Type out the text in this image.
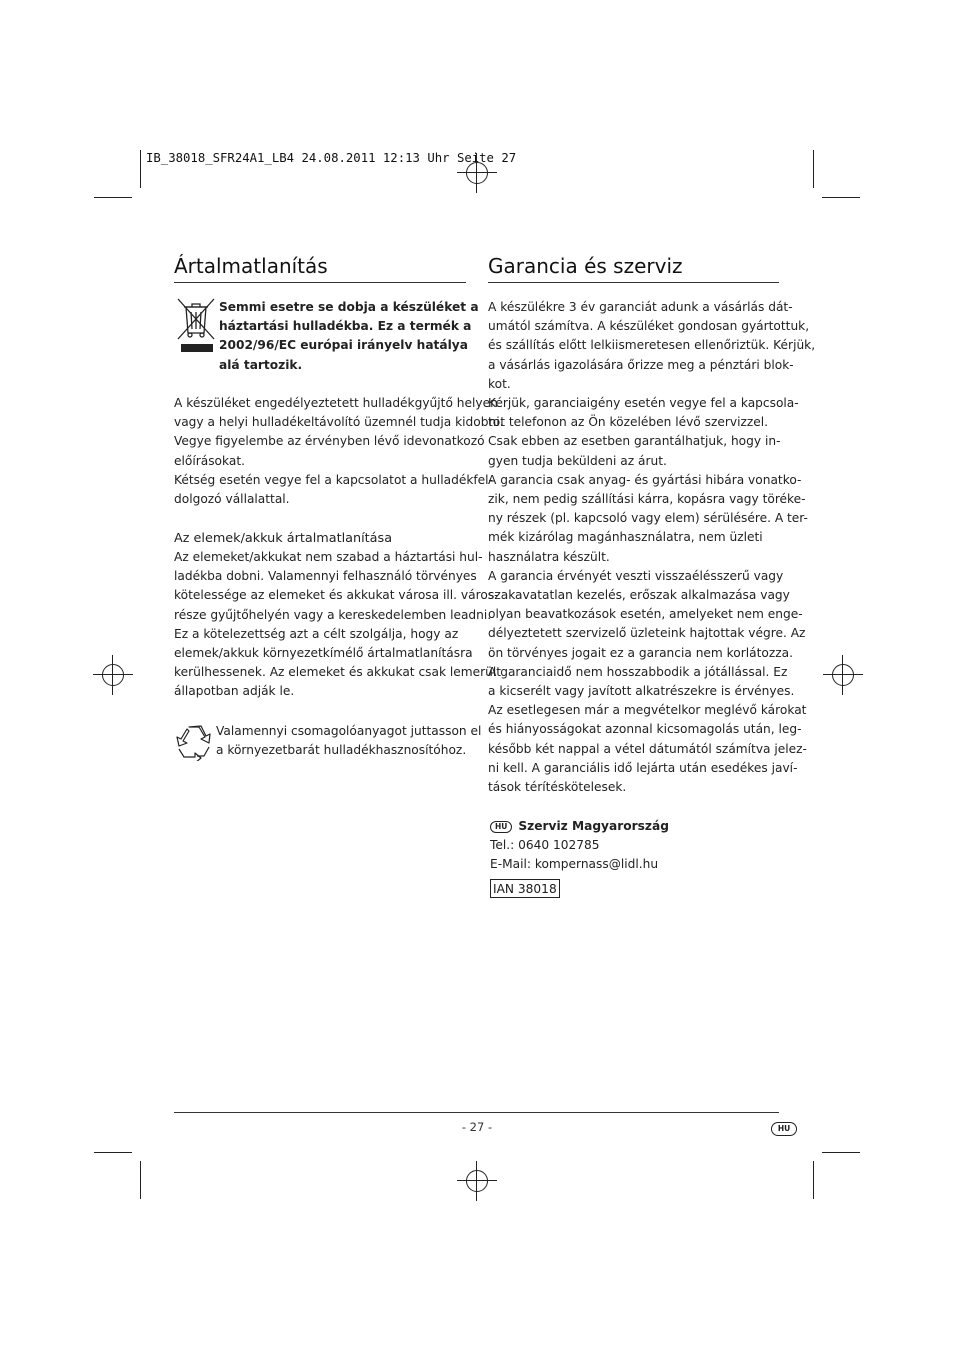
IB_38018_SFR24A1_LB4 24.08.2011 12:13 Uhr Seite 27
Ártalmatlanítás
Semmi esetre se dobja a készüléket a
háztartási hulladékba. Ez a termék a
2002/96/EC európai irányelv hatálya
alá tartozik.
A készüléket engedélyeztetett hulladékgyűjtő helyen
vagy a helyi hulladékeltávolító üzemnél tudja kidobni.
Vegye figyelembe az érvényben lévő idevonatkozó
előírásokat.
Kétség esetén vegye fel a kapcsolatot a hulladékfel-
dolgozó vállalattal.
Az elemek/akkuk ártalmatlanítása
Az elemeket/akkukat nem szabad a háztartási hul-
ladékba dobni. Valamennyi felhasználó törvényes
kötelessége az elemeket és akkukat városa ill. város-
része gyűjtőhelyén vagy a kereskedelemben leadni.
Ez a kötelezettség azt a célt szolgálja, hogy az
elemek/akkuk környezetkímélő ártalmatlanításra
kerülhessenek. Az elemeket és akkukat csak lemerült
állapotban adják le.
Valamennyi csomagolóanyagot juttasson el
a környezetbarát hulladékhasznosítóhoz.
Garancia és szerviz
A készülékre 3 év garanciát adunk a vásárlás dát-
umától számítva. A készüléket gondosan gyártottuk,
és szállítás előtt lelkiismeretesen ellenőriztük. Kérjük,
a vásárlás igazolására őrizze meg a pénztári blok-
kot.
Kérjük, garanciaigény esetén vegye fel a kapcsola-
tot telefonon az Ön közelében lévő szervizzel.
Csak ebben az esetben garantálhatjuk, hogy in-
gyen tudja beküldeni az árut.
A garancia csak anyag- és gyártási hibára vonatko-
zik, nem pedig szállítási kárra, kopásra vagy töréke-
ny részek (pl. kapcsoló vagy elem) sérülésére. A ter-
mék kizárólag magánhasználatra, nem üzleti
használatra készült.
A garancia érvényét veszti visszaélésszerű vagy
szakavatatlan kezelés, erőszak alkalmazása vagy
olyan beavatkozások esetén, amelyeket nem enge-
délyeztetett szervizelő üzleteink hajtottak végre. Az
ön törvényes jogait ez a garancia nem korlátozza.
A garanciaidő nem hosszabbodik a jótállással. Ez
a kicserélt vagy javított alkatrészekre is érvényes.
Az esetlegesen már a megvételkor meglévő károkat
és hiányosságokat azonnal kicsomagolás után, leg-
később két nappal a vétel dátumától számítva jelez-
ni kell. A garanciális idő lejárta után esedékes javí-
tások térítéskötelesek.
HU Szerviz Magyarország
Tel.: 0640 102785
E-Mail: kompernass@lidl.hu
IAN 38018
- 27 -	HU
